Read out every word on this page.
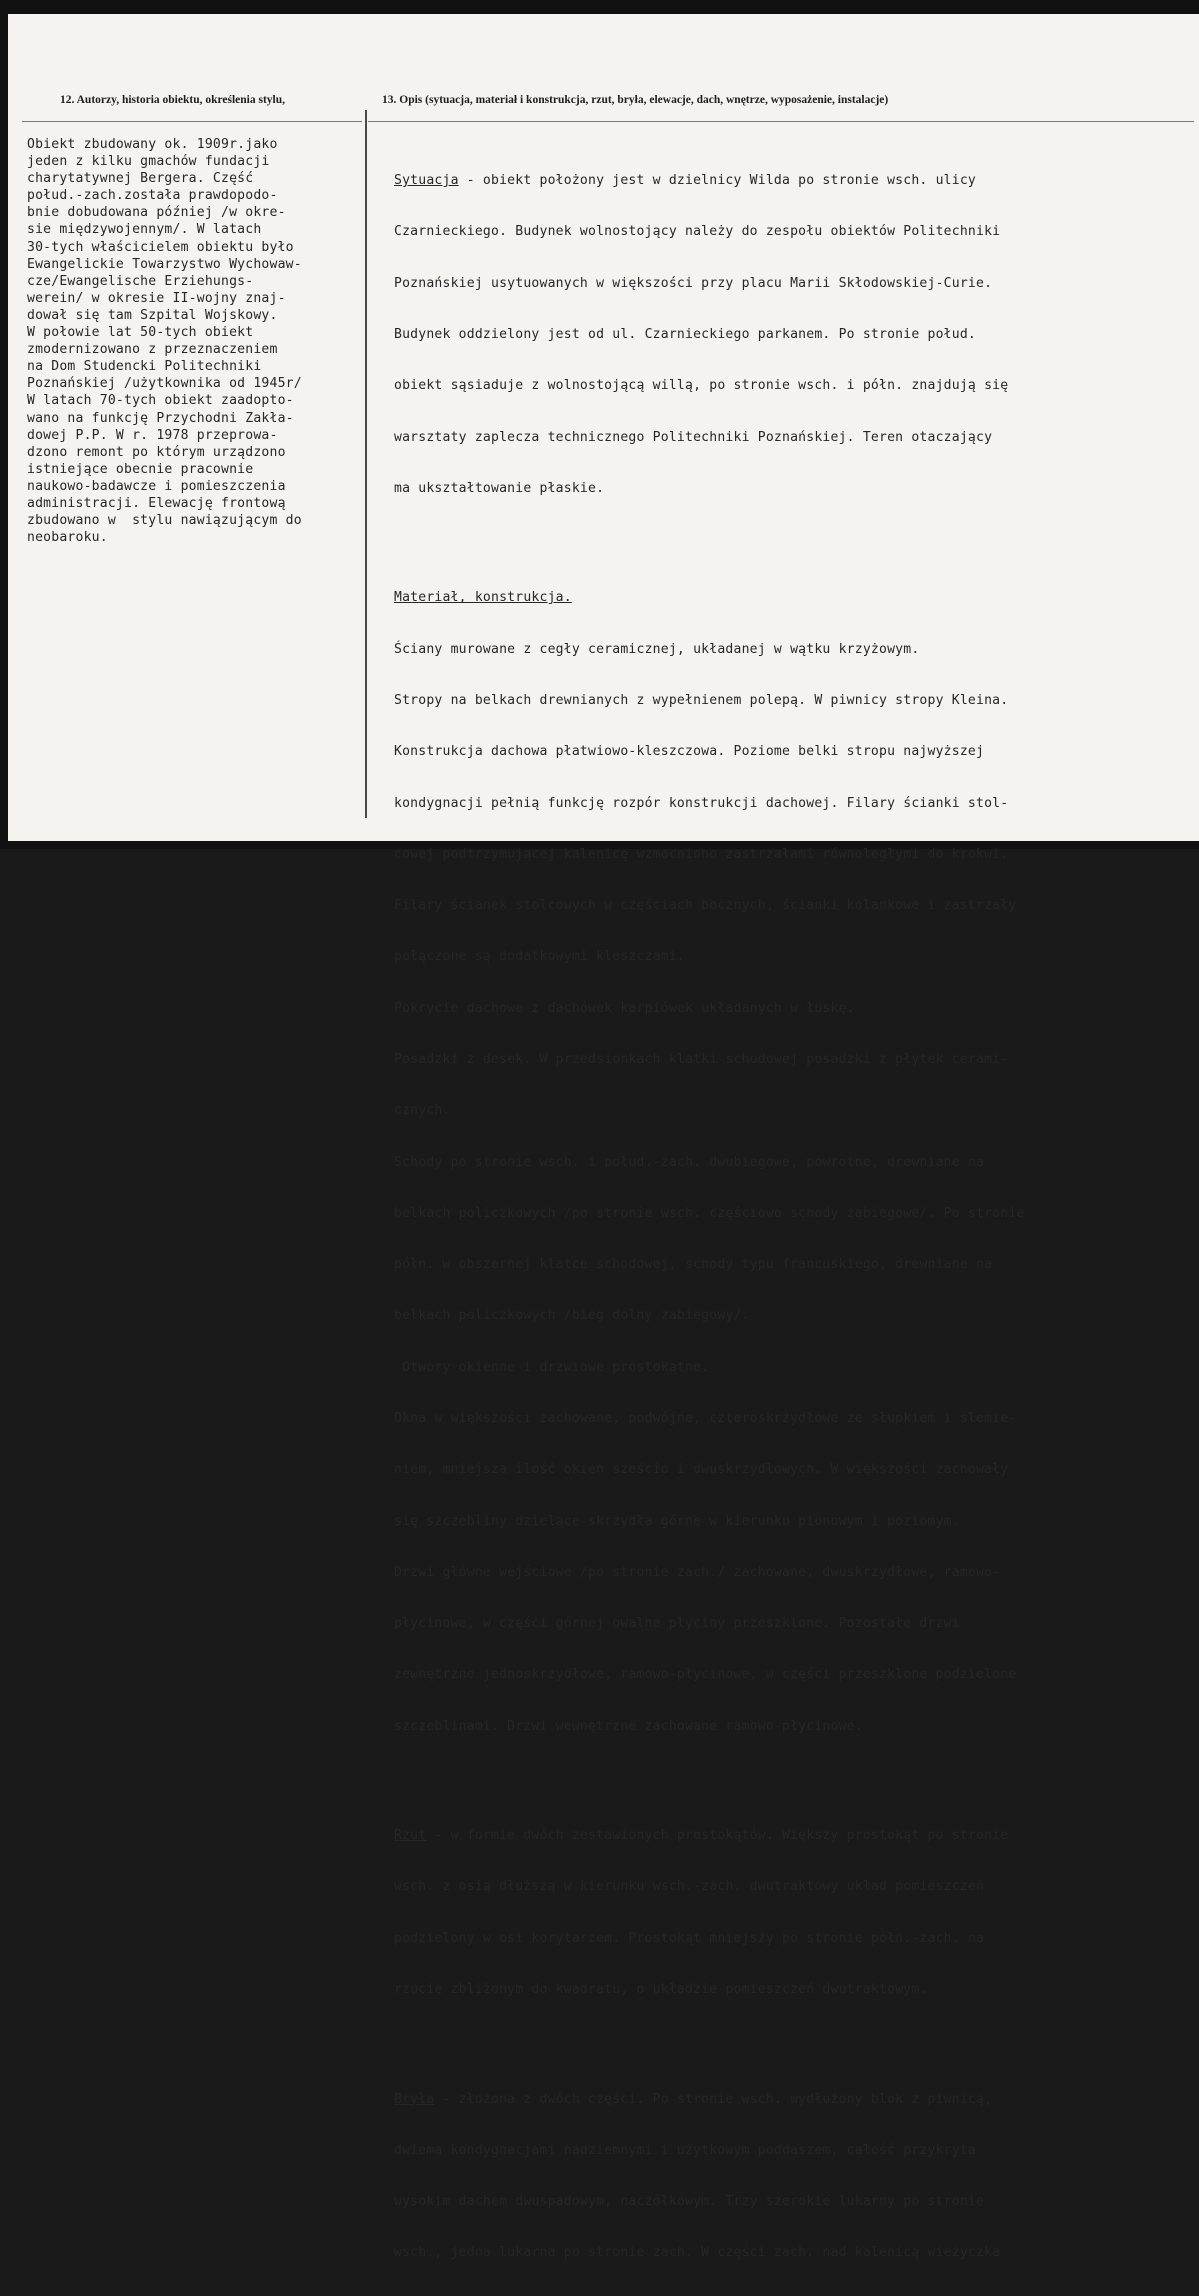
12. Autorzy, historia obiektu, określenia stylu,	13. Opis (sytuacja, materiał i konstrukcja, rzut, bryła, elewacje, dach, wnętrze, wyposażenie, instalacje)
Obiekt zbudowany ok. 1909r.jako
jeden z kilku gmachów fundacji
charytatywnej Bergera. Część
połud.-zach.została prawdopodo-
bnie dobudowana później /w okre-
sie międzywojennym/. W latach
30-tych właścicielem obiektu było
Ewangelickie Towarzystwo Wychowaw-
cze/Ewangelische Erziehungs-
werein/ w okresie II-wojny znaj-
dował się tam Szpital Wojskowy.
W połowie lat 50-tych obiekt
zmodernizowano z przeznaczeniem
na Dom Studencki Politechniki
Poznańskiej /użytkownika od 1945r/
W latach 70-tych obiekt zaadopto-
wano na funkcję Przychodni Zakła-
dowej P.P. W r. 1978 przeprowa-
dzono remont po którym urządzono
istniejące obecnie pracownie
naukowo-badawcze i pomieszczenia
administracji. Elewację frontową
zbudowano w  stylu nawiązującym do
neobaroku.

Sytuacja - obiekt położony jest w dzielnicy Wilda po stronie wsch. ulicy

Czarnieckiego. Budynek wolnostojący należy do zespołu obiektów Politechniki

Poznańskiej usytuowanych w większości przy placu Marii Skłodowskiej-Curie.

Budynek oddzielony jest od ul. Czarnieckiego parkanem. Po stronie połud.

obiekt sąsiaduje z wolnostojącą willą, po stronie wsch. i półn. znajdują się

warsztaty zaplecza technicznego Politechniki Poznańskiej. Teren otaczający

ma ukształtowanie płaskie.

Materiał, konstrukcja.

Ściany murowane z cegły ceramicznej, układanej w wątku krzyżowym.

Stropy na belkach drewnianych z wypełnienem polepą. W piwnicy stropy Kleina.

Konstrukcja dachowa płatwiowo-kleszczowa. Poziome belki stropu najwyższej

kondygnacji pełnią funkcję rozpór konstrukcji dachowej. Filary ścianki stol-

cowej podtrzymującej kalenicę wzmocniono zastrzałami równoległymi do krokwi.

Filary ścianek stolcowych w częściach bocznych, ścianki kolankowe i zastrzały

połączone są dodatkowymi kleszczami.

Pokrycie dachowe z dachówek karpiówek układanych w łuskę.

Posadzki z desek. W przedsionkach klatki schodowej posadzki z płytek cerami-

cznych.

Schody po stronie wsch. i połud.-zach. dwubiegowe, powrotne, drewniane na

belkach policzkowych /po stronie wsch. częściowo schody zabiegowe/. Po stronie

półn. w obszernej klatce schodowej, schody typu francuskiego, drewniane na

belkach policzkowych /bieg dolny zabiegowy/.

Otwory okienne i drzwiowe prostokątne.

Okna w większości zachowane, podwójne, czteroskrzydłowe ze słupkiem i ślemie-

niem, mniejsza ilość okien sześcio i dwuskrzydłowych. W większości zachowały

się szczebliny dzielące skrzydła górne w kierunku pionowym i poziomym.

Drzwi główne wejściowe /po stronie zach./ zachowane, dwuskrzydłowe, ramowo-

płycinowe, w części górnej owalne płyciny przeszklone. Pozostałe drzwi

zewnętrzne jednoskrzydłowe, ramowo-płycinowe, w części przeszklone podzielone

szczeblinami. Drzwi wewnętrzne zachowane ramowo-płycinowe.

Rzut - w formie dwóch zestawionych prostokątów. Większy prostokąt po stronie

wsch. z osią dłuższą w kierunku wsch.-zach. dwutraktowy układ pomieszczeń

podzielony w osi korytarzem. Prostokąt mniejszy po stronie półn.-zach. na

rzucie zbliżonym do kwadratu, o układzie pomieszczeń dwutraktowym.

Bryła - złożona z dwóch części. Po stronie wsch. wydłużony blok z piwnicą,

dwiema kondygnacjami nadziemnymi i użytkowym poddaszem, całość przykryta

wysokim dachem dwuspadowym, naczółkowym. Trzy szerokie lukarny po stronie

wsch., jedna lukarna po stronie zach. W części zach. nad kalenicą wieżyczka
